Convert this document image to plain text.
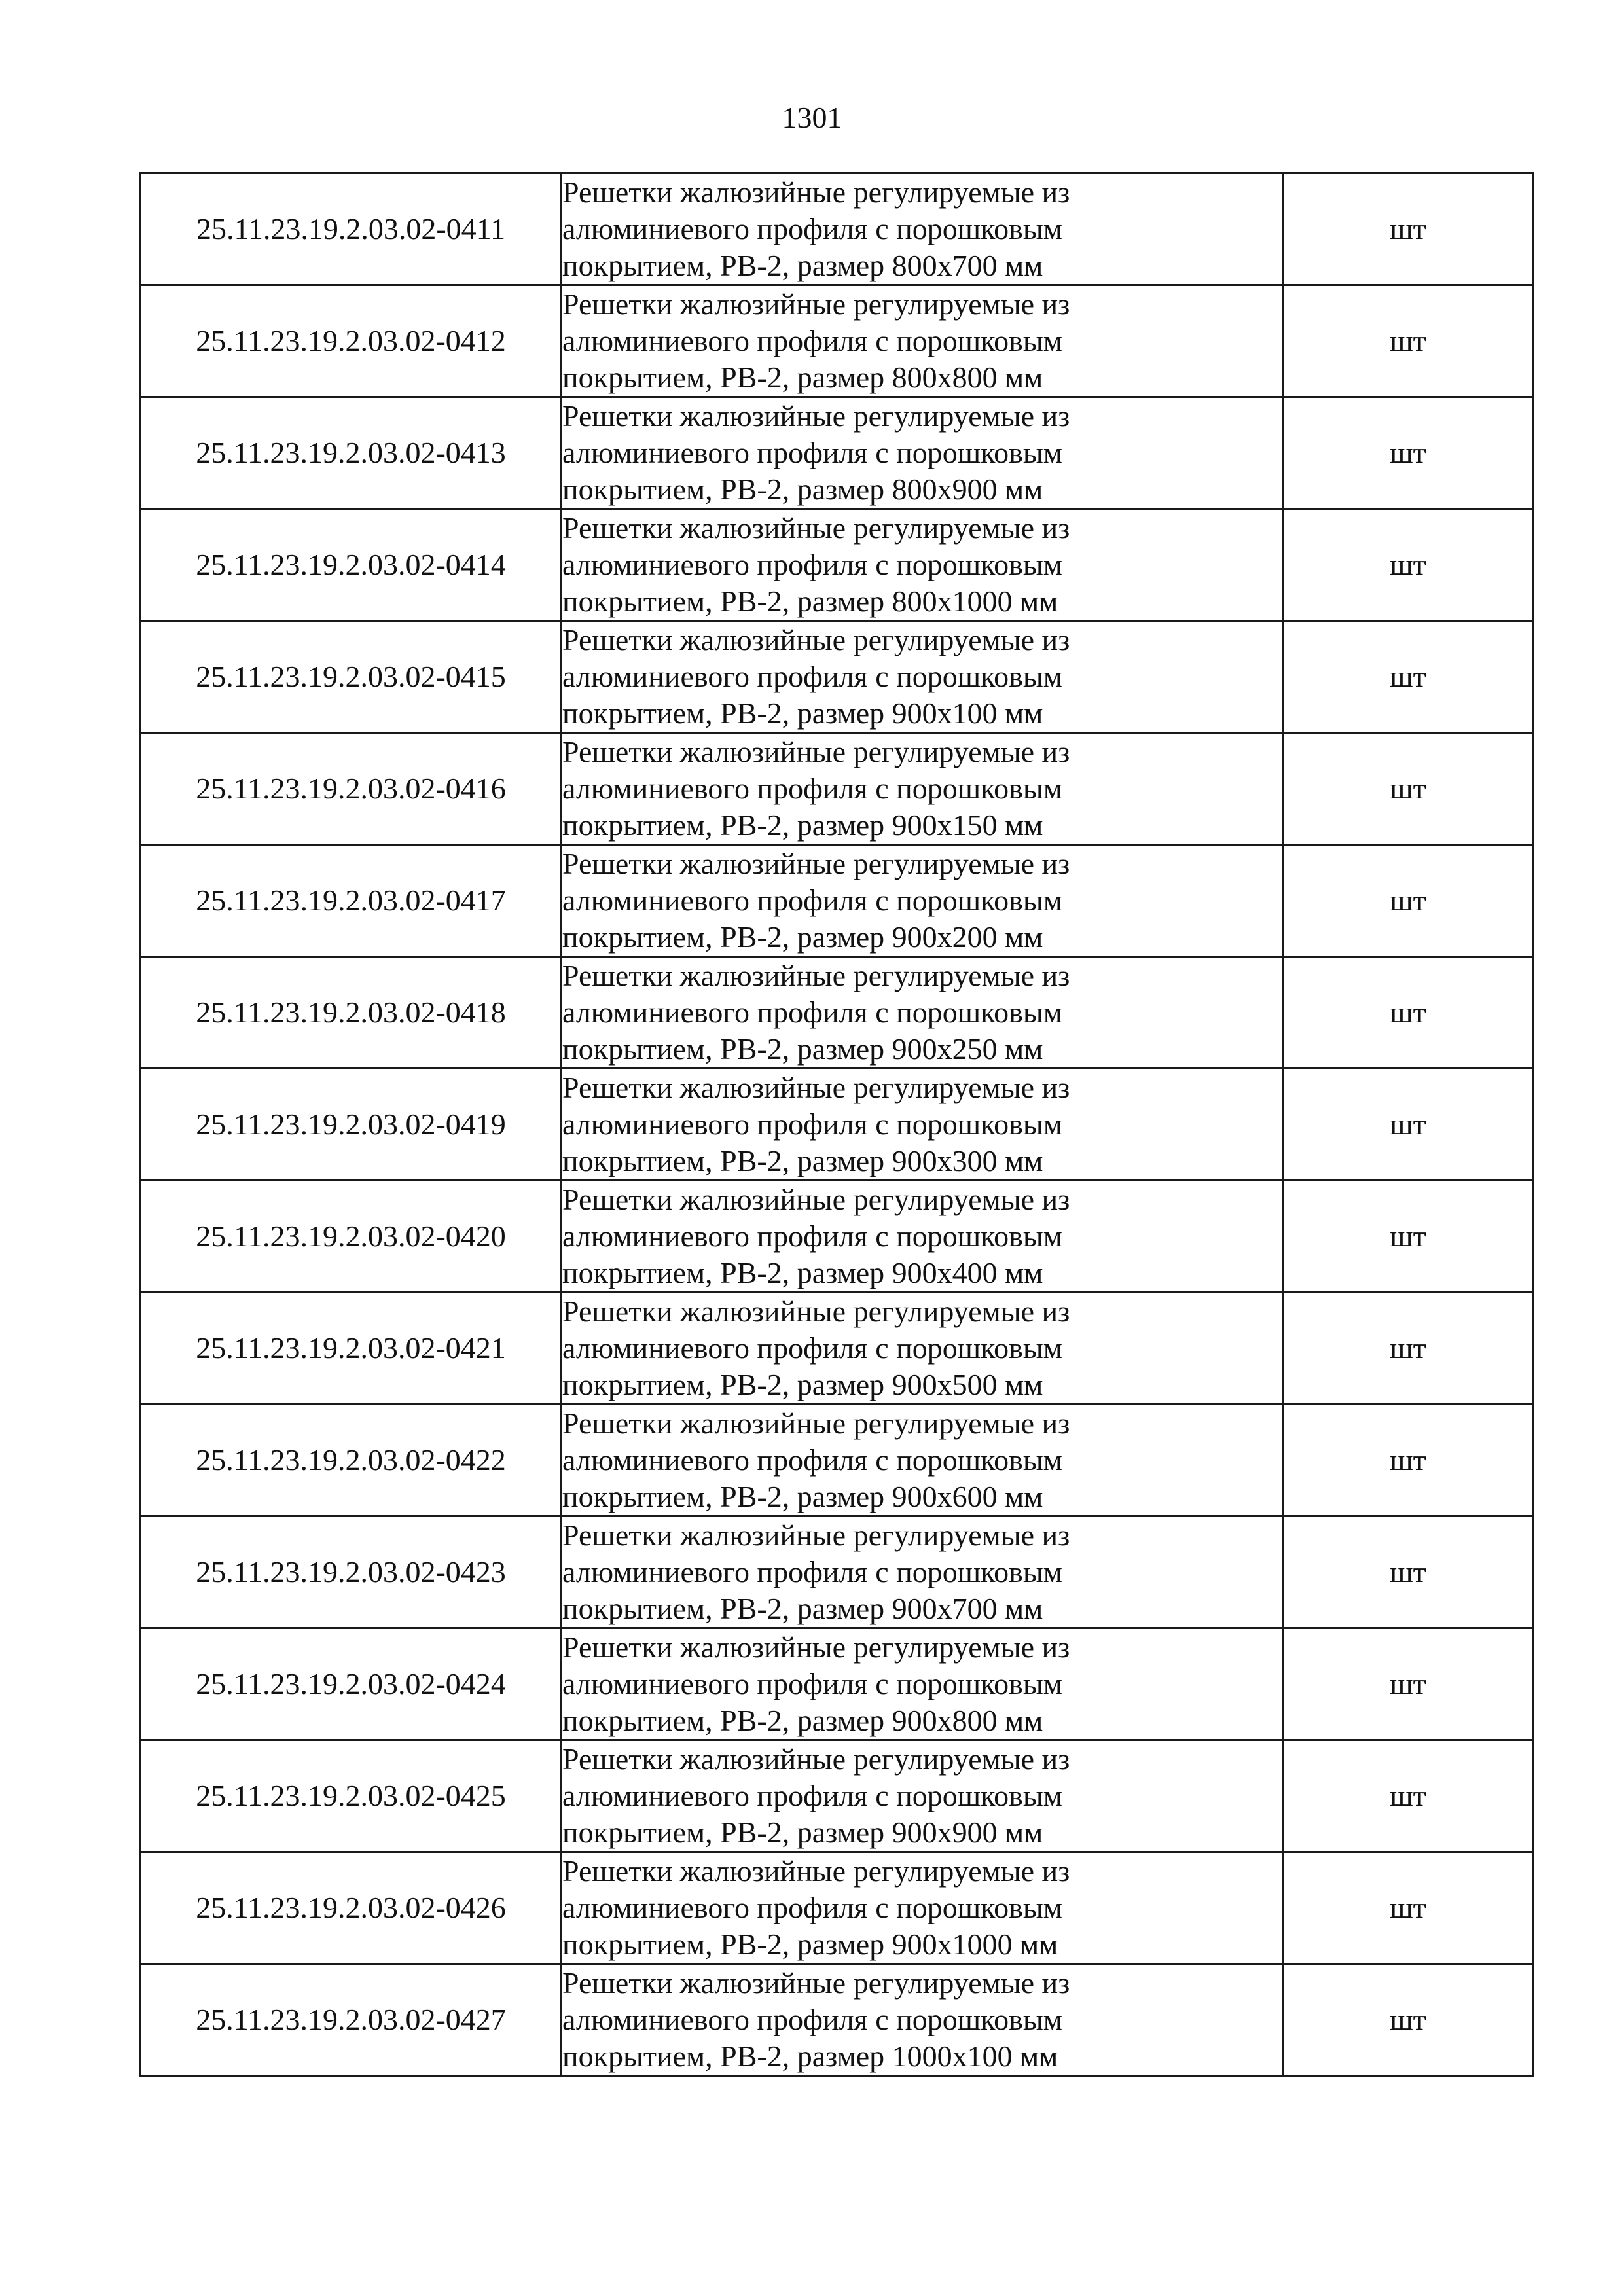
1301
25.11.23.19.2.03.02-0411	Решетки жалюзийные регулируемые из
алюминиевого профиля с порошковым
покрытием, РВ-2, размер 800х700 мм	шт
25.11.23.19.2.03.02-0412	Решетки жалюзийные регулируемые из
алюминиевого профиля с порошковым
покрытием, РВ-2, размер 800х800 мм	шт
25.11.23.19.2.03.02-0413	Решетки жалюзийные регулируемые из
алюминиевого профиля с порошковым
покрытием, РВ-2, размер 800х900 мм	шт
25.11.23.19.2.03.02-0414	Решетки жалюзийные регулируемые из
алюминиевого профиля с порошковым
покрытием, РВ-2, размер 800х1000 мм	шт
25.11.23.19.2.03.02-0415	Решетки жалюзийные регулируемые из
алюминиевого профиля с порошковым
покрытием, РВ-2, размер 900х100 мм	шт
25.11.23.19.2.03.02-0416	Решетки жалюзийные регулируемые из
алюминиевого профиля с порошковым
покрытием, РВ-2, размер 900х150 мм	шт
25.11.23.19.2.03.02-0417	Решетки жалюзийные регулируемые из
алюминиевого профиля с порошковым
покрытием, РВ-2, размер 900х200 мм	шт
25.11.23.19.2.03.02-0418	Решетки жалюзийные регулируемые из
алюминиевого профиля с порошковым
покрытием, РВ-2, размер 900х250 мм	шт
25.11.23.19.2.03.02-0419	Решетки жалюзийные регулируемые из
алюминиевого профиля с порошковым
покрытием, РВ-2, размер 900х300 мм	шт
25.11.23.19.2.03.02-0420	Решетки жалюзийные регулируемые из
алюминиевого профиля с порошковым
покрытием, РВ-2, размер 900х400 мм	шт
25.11.23.19.2.03.02-0421	Решетки жалюзийные регулируемые из
алюминиевого профиля с порошковым
покрытием, РВ-2, размер 900х500 мм	шт
25.11.23.19.2.03.02-0422	Решетки жалюзийные регулируемые из
алюминиевого профиля с порошковым
покрытием, РВ-2, размер 900х600 мм	шт
25.11.23.19.2.03.02-0423	Решетки жалюзийные регулируемые из
алюминиевого профиля с порошковым
покрытием, РВ-2, размер 900х700 мм	шт
25.11.23.19.2.03.02-0424	Решетки жалюзийные регулируемые из
алюминиевого профиля с порошковым
покрытием, РВ-2, размер 900х800 мм	шт
25.11.23.19.2.03.02-0425	Решетки жалюзийные регулируемые из
алюминиевого профиля с порошковым
покрытием, РВ-2, размер 900х900 мм	шт
25.11.23.19.2.03.02-0426	Решетки жалюзийные регулируемые из
алюминиевого профиля с порошковым
покрытием, РВ-2, размер 900х1000 мм	шт
25.11.23.19.2.03.02-0427	Решетки жалюзийные регулируемые из
алюминиевого профиля с порошковым
покрытием, РВ-2, размер 1000х100 мм	шт
